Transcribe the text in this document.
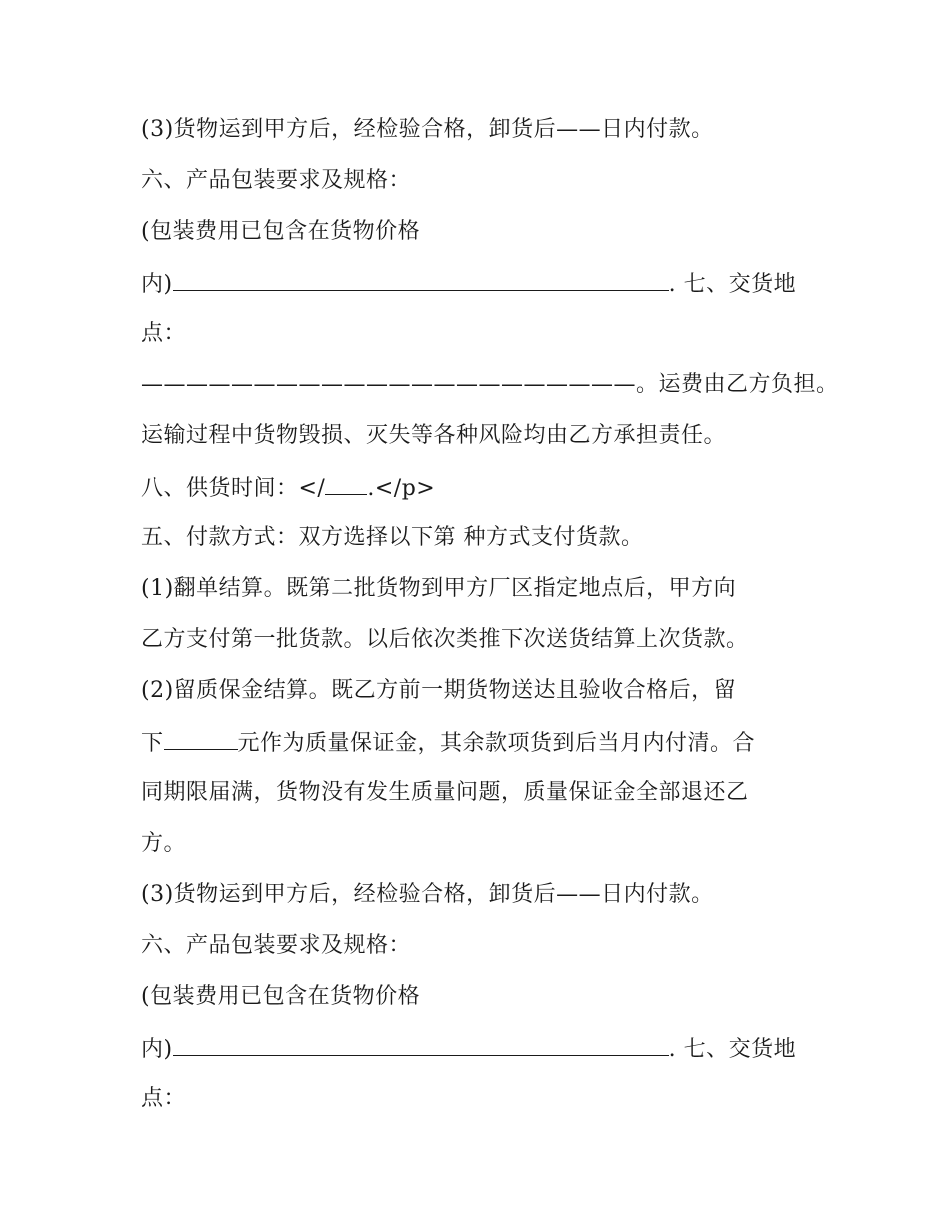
(3)货物运到甲方后，经检验合格，卸货后——日内付款。
六、产品包装要求及规格：
(包装费用已包含在货物价格
内)	. 七、交货地
点：
——————————————————————。运费由乙方负担。
运输过程中货物毁损、灭失等各种风险均由乙方承担责任。
八、供货时间：</ .</p>
五、付款方式：双方选择以下第 种方式支付货款。
(1)翻单结算。既第二批货物到甲方厂区指定地点后，甲方向
乙方支付第一批货款。以后依次类推下次送货结算上次货款。
(2)留质保金结算。既乙方前一期货物送达且验收合格后，留
下	元作为质量保证金，其余款项货到后当月内付清。合
同期限届满，货物没有发生质量问题，质量保证金全部退还乙
方。
(3)货物运到甲方后，经检验合格，卸货后——日内付款。
六、产品包装要求及规格：
(包装费用已包含在货物价格
内)	. 七、交货地
点：
